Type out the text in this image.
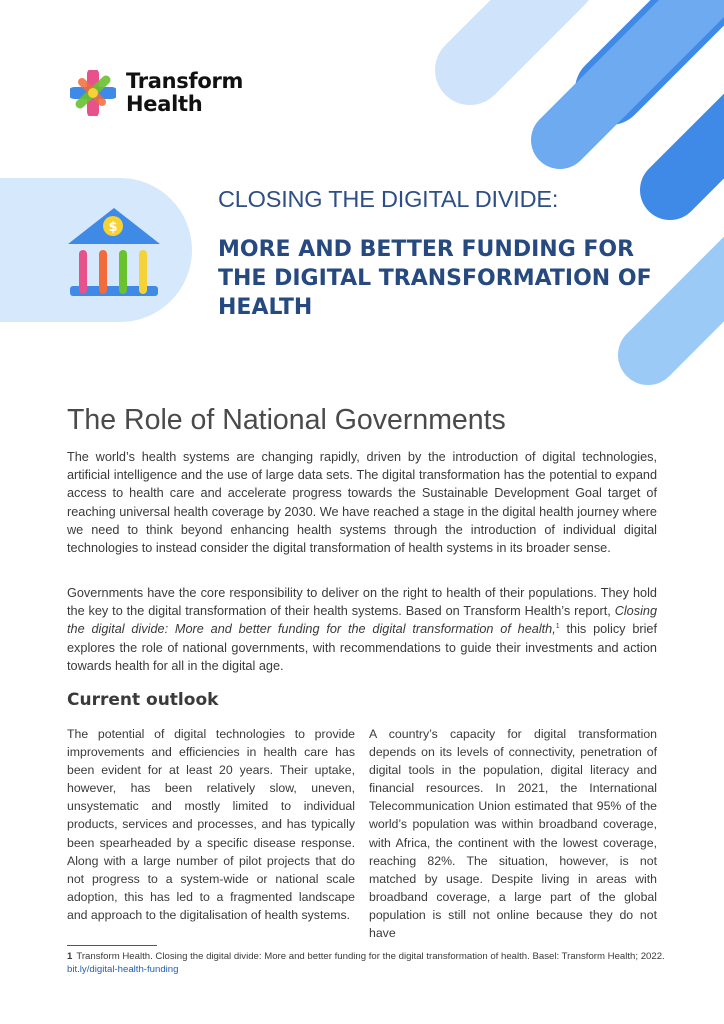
Transform
Health
$
CLOSING THE DIGITAL DIVIDE:
MORE AND BETTER FUNDING FOR THE DIGITAL TRANSFORMATION OF HEALTH
The Role of National Governments

The world’s health systems are changing rapidly, driven by the introduction of digital technologies, artificial intelligence and the use of large data sets. The digital transformation has the potential to expand access to health care and accelerate progress towards the Sustainable Development Goal target of reaching universal health coverage by 2030. We have reached a stage in the digital health journey where we need to think beyond enhancing health systems through the introduction of individual digital technologies to instead consider the digital transformation of health systems in its broader sense.

Governments have the core responsibility to deliver on the right to health of their populations. They hold the key to the digital transformation of their health systems. Based on Transform Health’s report, Closing the digital divide: More and better funding for the digital transformation of health,$^1$ this policy brief explores the role of national governments, with recommendations to guide their investments and action towards health for all in the digital age.

Current outlook

The potential of digital technologies to provide improvements and efficiencies in health care has been evident for at least 20 years. Their uptake, however, has been relatively slow, uneven, unsystematic and mostly limited to individual products, services and processes, and has typically been spearheaded by a specific disease response. Along with a large number of pilot projects that do not progress to a system-wide or national scale adoption, this has led to a fragmented landscape and approach to the digitalisation of health systems.

A country’s capacity for digital transformation depends on its levels of connectivity, penetration of digital tools in the population, digital literacy and financial resources. In 2021, the International Telecommunication Union estimated that 95% of the world’s population was within broadband coverage, with Africa, the continent with the lowest coverage, reaching 82%. The situation, however, is not matched by usage. Despite living in areas with broadband coverage, a large part of the global population is still not online because they do not have

1 Transform Health. Closing the digital divide: More and better funding for the digital transformation of health. Basel: Transform Health; 2022. bit.ly/digital-health-funding
